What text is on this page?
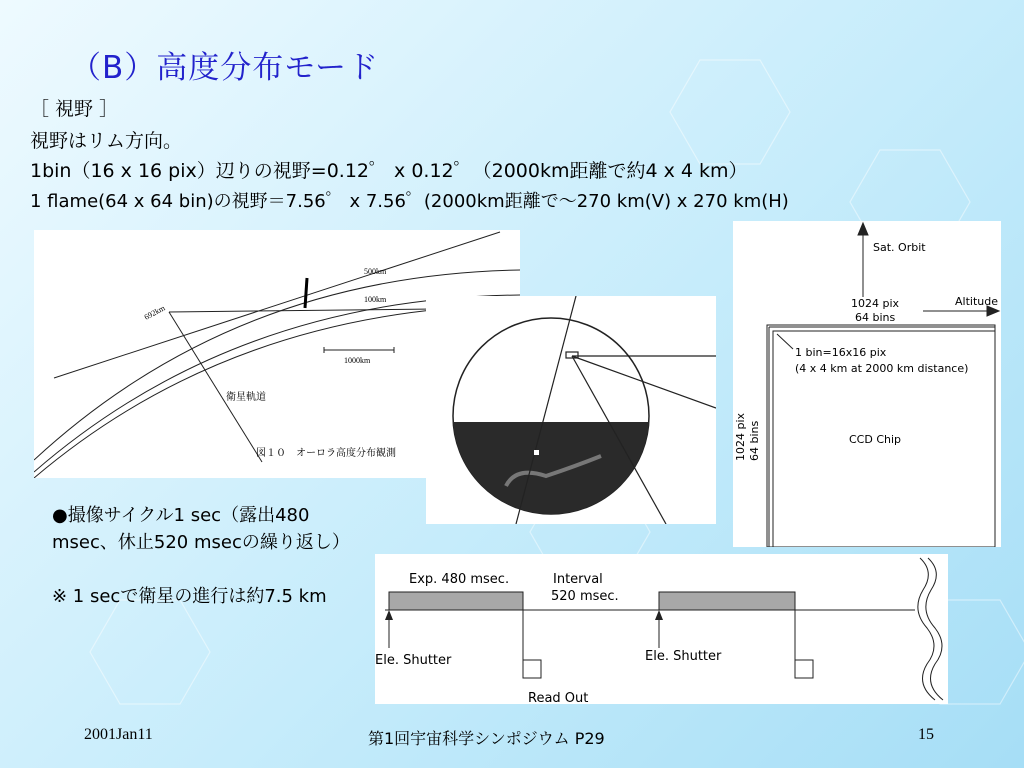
（B）高度分布モード
［ 視野 ］
視野はリム方向。
1bin（16 x 16 pix）辺りの視野=0.12゜ x 0.12゜（2000km距離で約4 x 4 km）
1 flame(64 x 64 bin)の視野＝7.56゜ x 7.56゜(2000km距離で～270 km(V) x 270 km(H)
692km
500km
100km
1000km
衛星軌道
図１０　オーロラ高度分布観測
Sat. Orbit
Altitude
1024 pix
64 bins
1024 pix 64 bins
1 bin=16x16 pix
(4 x 4 km at 2000 km distance)
CCD Chip

●撮像サイクル1 sec（露出480 msec、休止520 msecの繰り返し）

※ 1 secで衛星の進行は約7.5 km

Exp. 480 msec.	Interval
520 msec.
Ele. Shutter	Ele. Shutter
Read Out
2001Jan11	第1回宇宙科学シンポジウム P29	15
